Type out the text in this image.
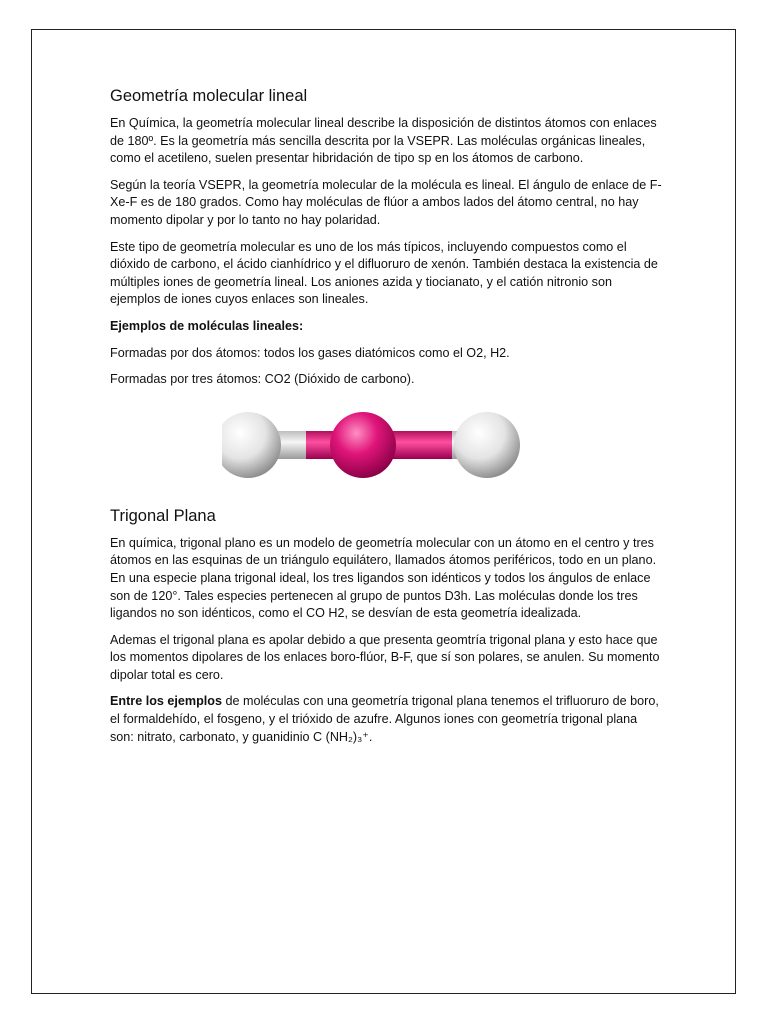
Geometría molecular lineal

En Química, la geometría molecular lineal describe la disposición de distintos átomos con enlaces de 180º. Es la geometría más sencilla descrita por la VSEPR. Las moléculas orgánicas lineales, como el acetileno, suelen presentar hibridación de tipo sp en los átomos de carbono.

Según la teoría VSEPR, la geometría molecular de la molécula es lineal. El ángulo de enlace de F-Xe-F es de 180 grados. Como hay moléculas de flúor a ambos lados del átomo central, no hay momento dipolar y por lo tanto no hay polaridad.

Este tipo de geometría molecular es uno de los más típicos, incluyendo compuestos como el dióxido de carbono, el ácido cianhídrico y el difluoruro de xenón. También destaca la existencia de múltiples iones de geometría lineal. Los aniones azida y tiocianato, y el catión nitronio son ejemplos de iones cuyos enlaces son lineales.

Ejemplos de moléculas lineales:

Formadas por dos átomos: todos los gases diatómicos como el O2, H2.

Formadas por tres átomos: CO2 (Dióxido de carbono).

Trigonal Plana

En química, trigonal plano es un modelo de geometría molecular con un átomo en el centro y tres átomos en las esquinas de un triángulo equilátero, llamados átomos periféricos, todo en un plano. En una especie plana trigonal ideal, los tres ligandos son idénticos y todos los ángulos de enlace son de 120°. Tales especies pertenecen al grupo de puntos D3h. Las moléculas donde los tres ligandos no son idénticos, como el CO H2, se desvían de esta geometría idealizada.

Ademas el trigonal plana es apolar debido a que presenta geomtría trigonal plana y esto hace que los momentos dipolares de los enlaces boro-flúor, B-F, que sí son polares, se anulen. Su momento dipolar total es cero.

Entre los ejemplos de moléculas con una geometría trigonal plana tenemos el trifluoruro de boro, el formaldehído, el fosgeno, y el trióxido de azufre. Algunos iones con geometría trigonal plana son: nitrato, carbonato, y guanidinio C (NH₂)₃⁺.
